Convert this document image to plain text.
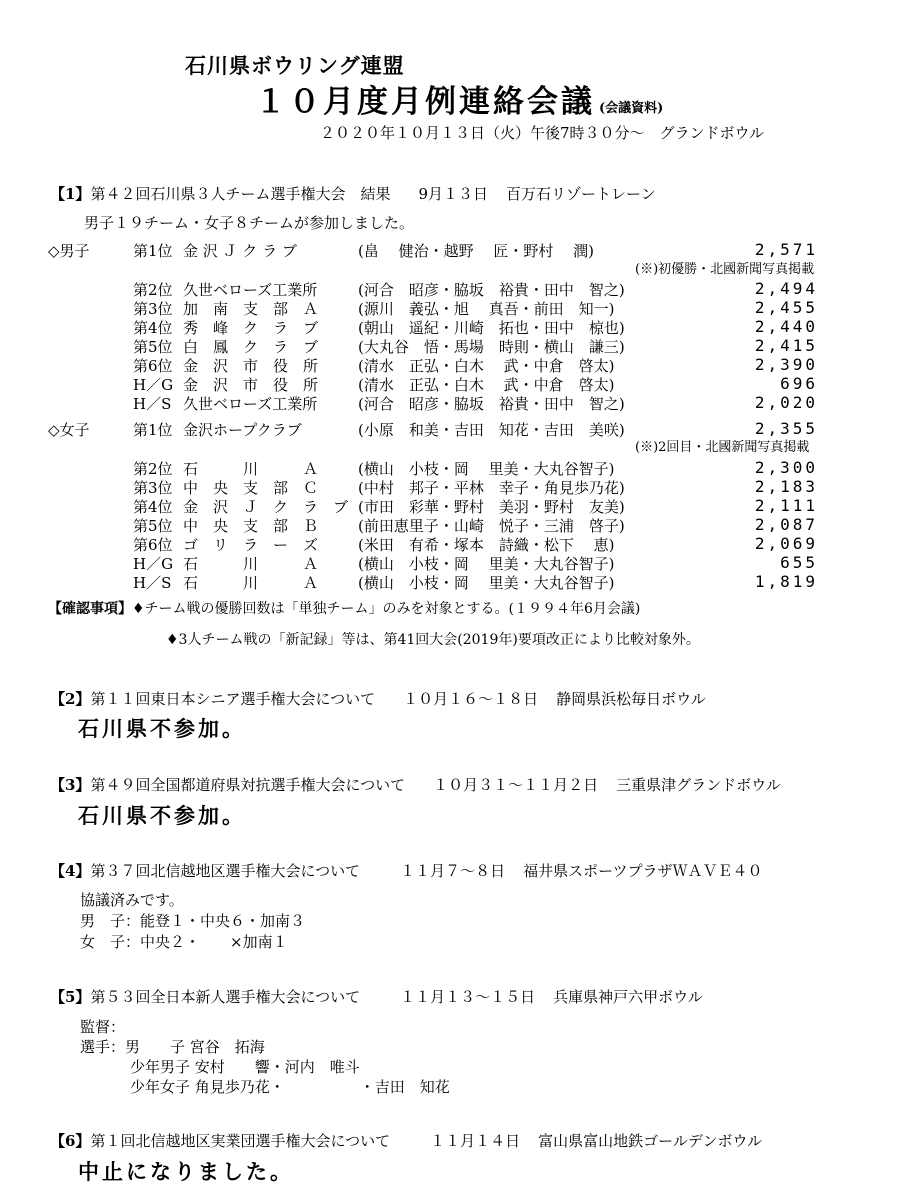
石川県ボウリング連盟
１０月度月例連絡会議 (会議資料)
２０２０年１０月１３日（火）午後7時３０分〜　グランドボウル
【1】第４２回石川県３人チーム選手権大会　結果 9月１３日 百万石リゾートレーン
男子１９チーム・女子８チームが参加しました。
◇男子	第1位 金 沢 Ｊ ク ラ ブ	(畠　 健治・越野　 匠・野村　 潤)	2,571
第2位 久世ベローズ工業所	(河合　昭彦・脇坂　裕貴・田中　智之)	2,494
第3位 加　南　支　部　Ａ	(源川　義弘・旭　 真吾・前田　知一)	2,455
第4位 秀　峰　ク　ラ　ブ	(朝山　遥紀・川崎　拓也・田中　椋也)	2,440
第5位 白　鳳　ク　ラ　ブ	(大丸谷　悟・馬場　時則・横山　謙三)	2,415
第6位 金　沢　市　役　所	(清水　正弘・白木　 武・中倉　啓太)	2,390
H／G 金　沢　市　役　所	(清水　正弘・白木　 武・中倉　啓太)	696
H／S 久世ベローズ工業所	(河合　昭彦・脇坂　裕貴・田中　智之)	2,020
(※)初優勝・北國新聞写真掲載
◇女子	第1位 金沢ホープクラブ	(小原　和美・吉田　知花・吉田　美咲)	2,355
第2位 石　　　川　　　Ａ	(横山　小枝・岡　 里美・大丸谷智子)	2,300
第3位 中　央　支　部　Ｃ	(中村　邦子・平林　幸子・角見歩乃花)	2,183
第4位 金　沢　Ｊ　ク　ラ　ブ (市田　彩華・野村　美羽・野村　友美)	2,111
第5位 中　央　支　部　Ｂ	(前田恵里子・山崎　悦子・三浦　啓子)	2,087
第6位 ゴ　リ　ラ　ー　ズ	(米田　有希・塚本　詩織・松下　 恵)	2,069
H／G 石　　　川　　　Ａ	(横山　小枝・岡　 里美・大丸谷智子)	655
H／S 石　　　川　　　Ａ	(横山　小枝・岡　 里美・大丸谷智子)	1,819
(※)2回目・北國新聞写真掲載
【確認事項】♦チーム戦の優勝回数は「単独チーム」のみを対象とする。(１９９４年6月会議)
♦3人チーム戦の「新記録」等は、第41回大会(2019年)要項改正により比較対象外。
【2】第１１回東日本シニア選手権大会について １０月１６〜１８日 静岡県浜松毎日ボウル
石川県不参加。
【3】第４９回全国都道府県対抗選手権大会について １０月３１〜１１月２日 三重県津グランドボウル
石川県不参加。
【4】第３７回北信越地区選手権大会について	１１月７〜８日 福井県スポーツプラザＷＡＶＥ４０
協議済みです。
男　子：能登１・中央６・加南３
女　子：中央２・　　×加南１
【5】第５３回全日本新人選手権大会について	１１月１３〜１５日 兵庫県神戸六甲ボウル
監督：
選手：男　　子 宮谷　拓海
少年男子 安村　　響・河内　唯斗
少年女子 角見歩乃花・　　　　　・吉田　知花
【6】第１回北信越地区実業団選手権大会について	１１月１４日 富山県富山地鉄ゴールデンボウル
中止になりました。
